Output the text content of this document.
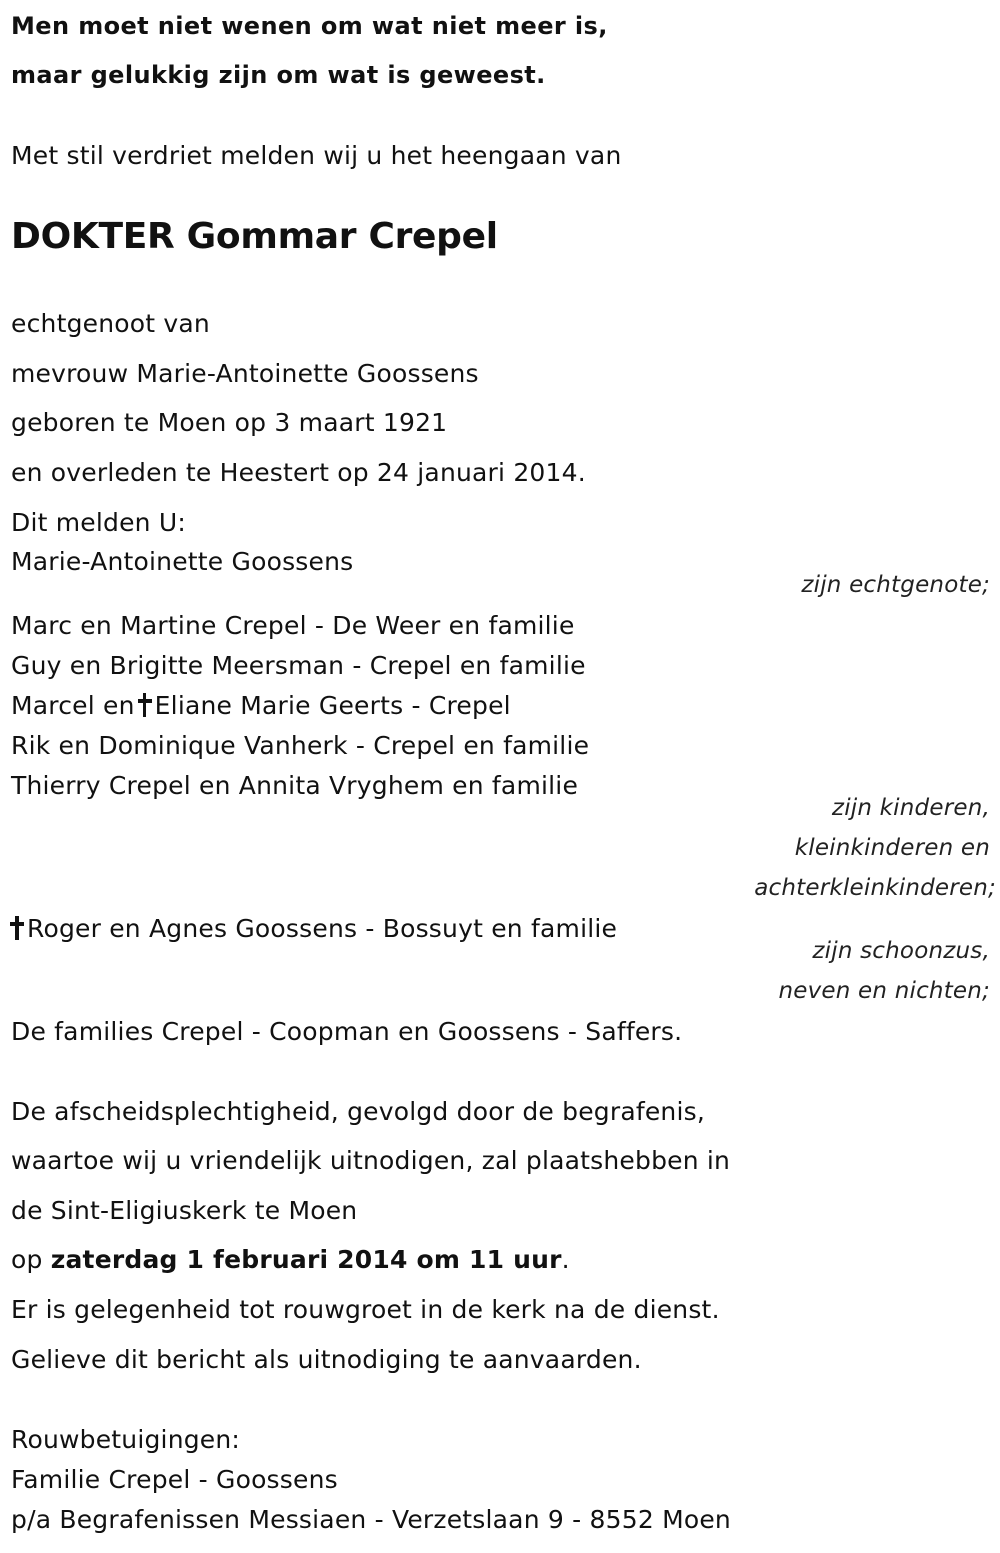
Men moet niet wenen om wat niet meer is,
maar gelukkig zijn om wat is geweest.
Met stil verdriet melden wij u het heengaan van
DOKTER Gommar Crepel
echtgenoot van
mevrouw Marie-Antoinette Goossens
geboren te Moen op 3 maart 1921
en overleden te Heestert op 24 januari 2014.
Dit melden U:
Marie-Antoinette Goossens
zijn echtgenote;
Marc en Martine Crepel - De Weer en familie
Guy en Brigitte Meersman - Crepel en familie
Marcel en Eliane Marie Geerts - Crepel
Rik en Dominique Vanherk - Crepel en familie
Thierry Crepel en Annita Vryghem en familie
zijn kinderen,
kleinkinderen en
achterkleinkinderen;
Roger en Agnes Goossens - Bossuyt en familie
zijn schoonzus,
neven en nichten;
De families Crepel - Coopman en Goossens - Saffers.
De afscheidsplechtigheid, gevolgd door de begrafenis,
waartoe wij u vriendelijk uitnodigen, zal plaatshebben in
de Sint-Eligiuskerk te Moen
op zaterdag 1 februari 2014 om 11 uur.
Er is gelegenheid tot rouwgroet in de kerk na de dienst.
Gelieve dit bericht als uitnodiging te aanvaarden.
Rouwbetuigingen:
Familie Crepel - Goossens
p/a Begrafenissen Messiaen - Verzetslaan 9 - 8552 Moen
